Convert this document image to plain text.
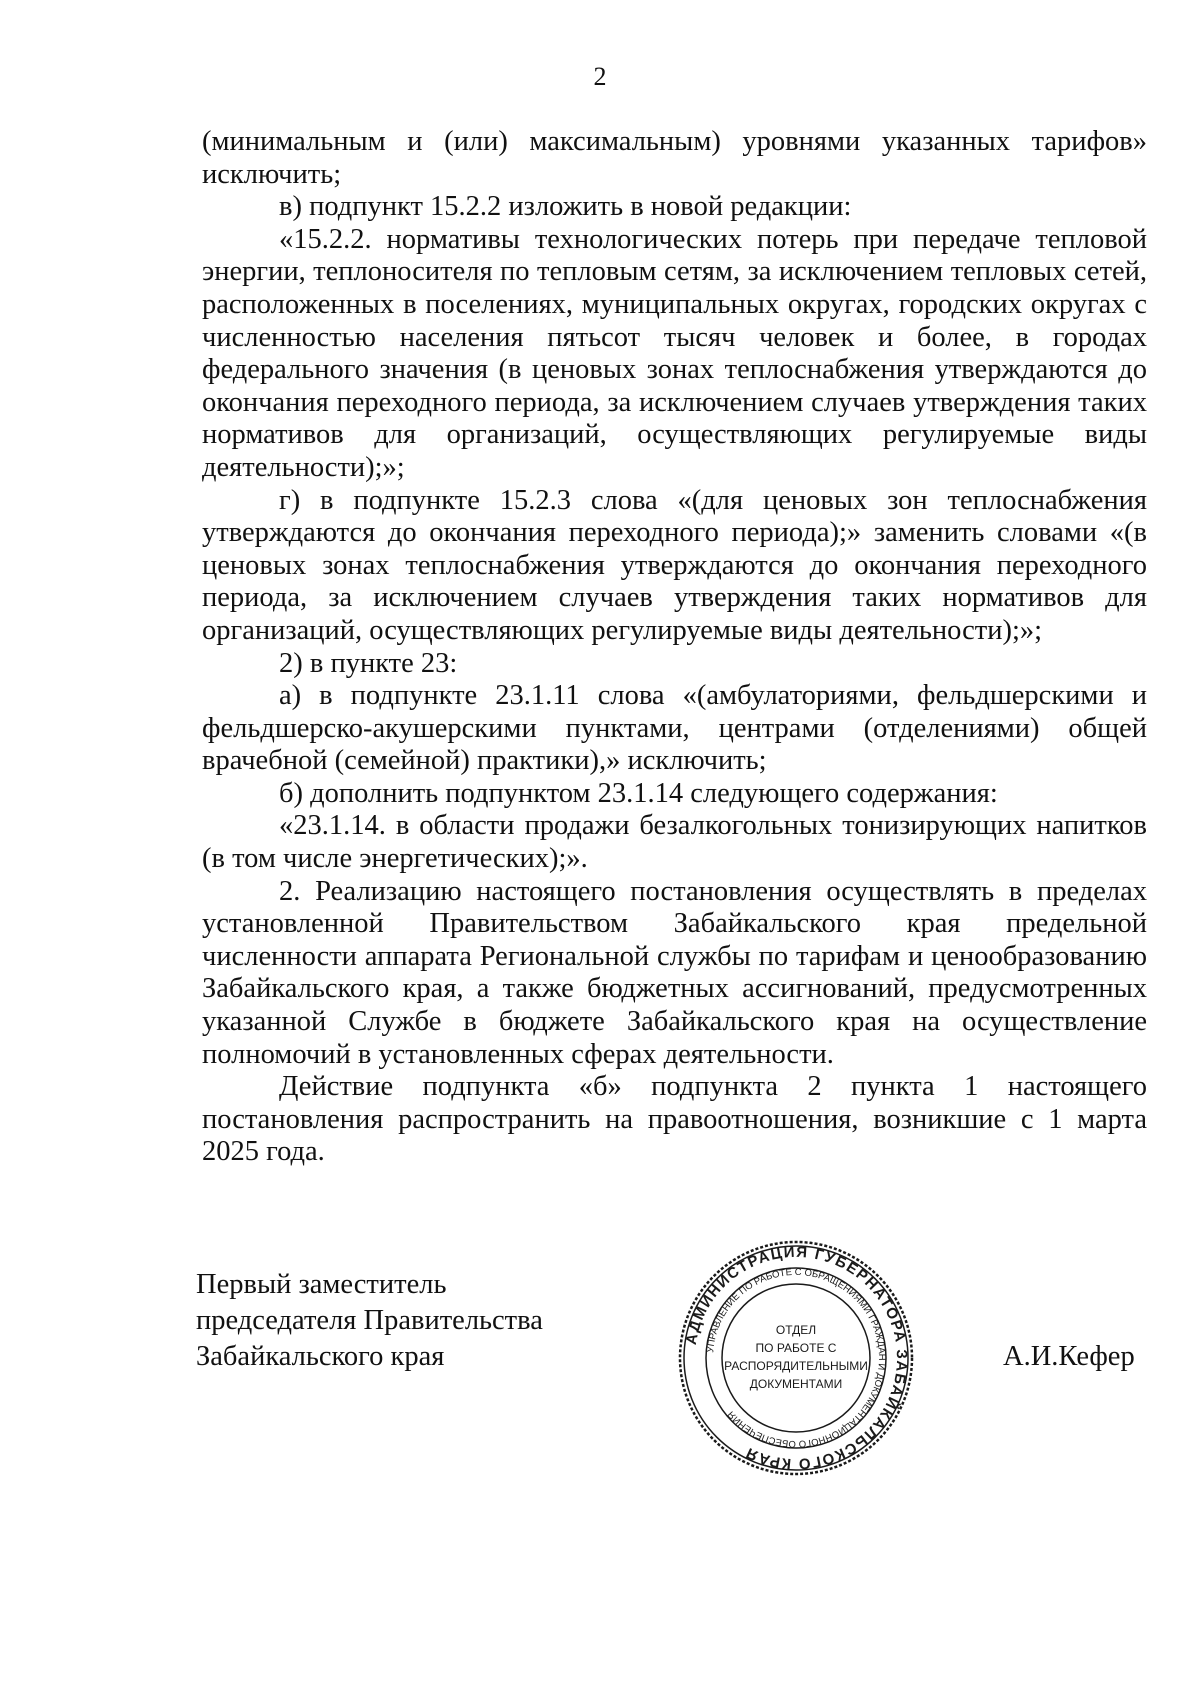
2

(минимальным и (или) максимальным) уровнями указанных тарифов» исключить;

в) подпункт 15.2.2 изложить в новой редакции:

«15.2.2. нормативы технологических потерь при передаче тепловой энергии, теплоносителя по тепловым сетям, за исключением тепловых сетей, расположенных в поселениях, муниципальных округах, городских округах с численностью населения пятьсот тысяч человек и более, в городах федерального значения (в ценовых зонах теплоснабжения утверждаются до окончания переходного периода, за исключением случаев утверждения таких нормативов для организаций, осуществляющих регулируемые виды деятельности);»;

г) в подпункте 15.2.3 слова «(для ценовых зон теплоснабжения утверждаются до окончания переходного периода);» заменить словами «(в ценовых зонах теплоснабжения утверждаются до окончания переходного периода, за исключением случаев утверждения таких нормативов для организаций, осуществляющих регулируемые виды деятельности);»;

2) в пункте 23:

а) в подпункте 23.1.11 слова «(амбулаториями, фельдшерскими и фельдшерско-акушерскими пунктами, центрами (отделениями) общей врачебной (семейной) практики),» исключить;

б) дополнить подпунктом 23.1.14 следующего содержания:

«23.1.14. в области продажи безалкогольных тонизирующих напитков (в том числе энергетических);».

2. Реализацию настоящего постановления осуществлять в пределах установленной Правительством Забайкальского края предельной численности аппарата Региональной службы по тарифам и ценообразованию Забайкальского края, а также бюджетных ассигнований, предусмотренных указанной Службе в бюджете Забайкальского края на осуществление полномочий в установленных сферах деятельности.

Действие подпункта «б» подпункта 2 пункта 1 настоящего постановления распространить на правоотношения, возникшие с 1 марта 2025 года.

Первый заместитель
председателя Правительства
Забайкальского края	А.И.Кефер
АДМИНИСТРАЦИЯ ГУБЕРНАТОРА ЗАБАЙКАЛЬСКОГО КРАЯ
УПРАВЛЕНИЕ ПО РАБОТЕ С ОБРАЩЕНИЯМИ ГРАЖДАН И ДОКУМЕНТАЦИОННОГО ОБЕСПЕЧЕНИЯ
ОТДЕЛ
ПО РАБОТЕ С
РАСПОРЯДИТЕЛЬНЫМИ
ДОКУМЕНТАМИ
